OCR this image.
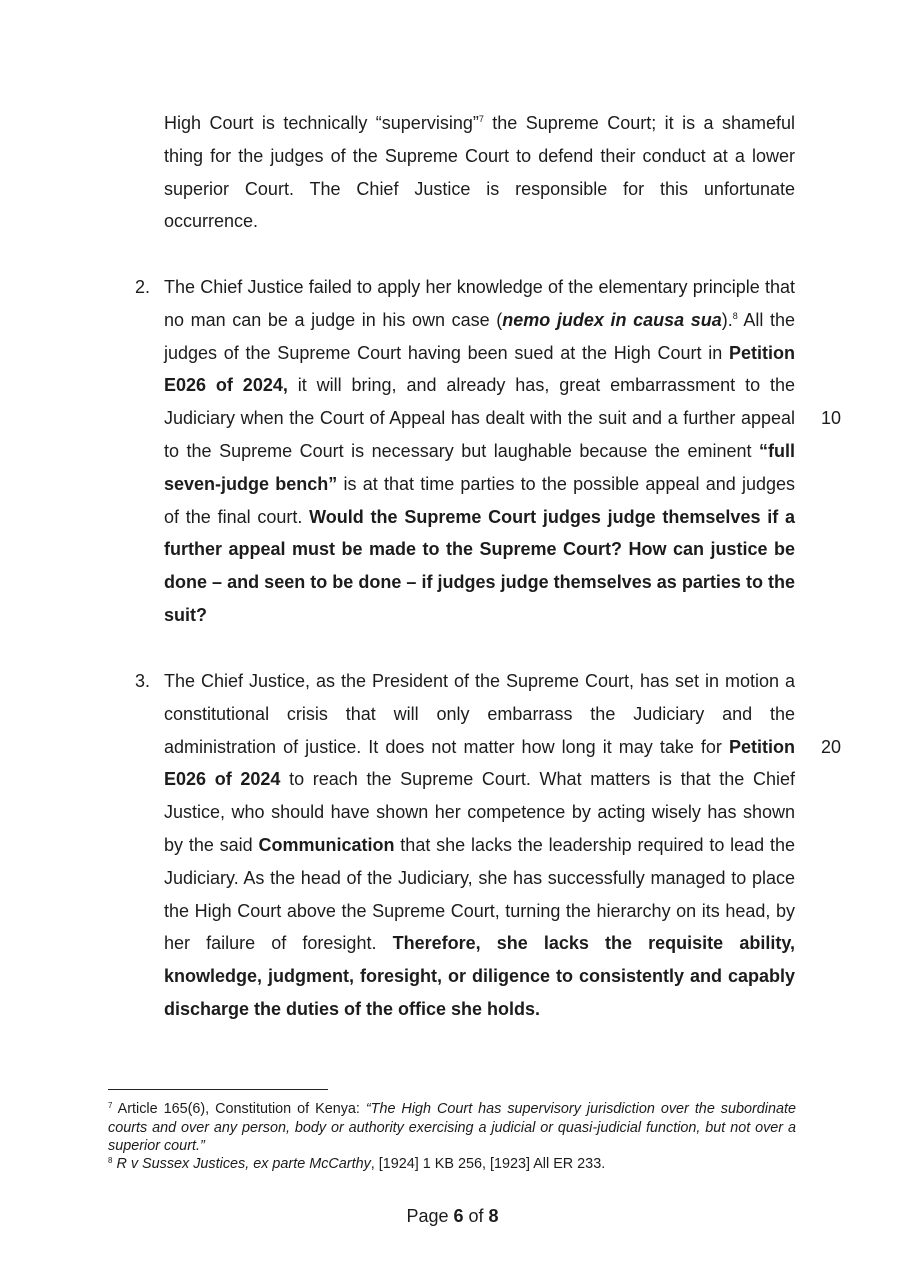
High Court is technically “supervising”$^7$ the Supreme Court; it is a shameful thing for the judges of the Supreme Court to defend their conduct at a lower superior Court. The Chief Justice is responsible for this unfortunate occurrence.

2. The Chief Justice failed to apply her knowledge of the elementary principle that no man can be a judge in his own case (nemo judex in causa sua).$^8$ All the judges of the Supreme Court having been sued at the High Court in Petition E026 of 2024, it will bring, and already has, great embarrassment to the Judiciary when the Court of Appeal has dealt with the suit and a further appeal to the Supreme Court is necessary but laughable because the eminent “full seven-judge bench” is at that time parties to the possible appeal and judges of the final court. Would the Supreme Court judges judge themselves if a further appeal must be made to the Supreme Court? How can justice be done – and seen to be done – if judges judge themselves as parties to the suit?

10
3. The Chief Justice, as the President of the Supreme Court, has set in motion a constitutional crisis that will only embarrass the Judiciary and the administration of justice. It does not matter how long it may take for Petition E026 of 2024 to reach the Supreme Court. What matters is that the Chief Justice, who should have shown her competence by acting wisely has shown by the said Communication that she lacks the leadership required to lead the Judiciary. As the head of the Judiciary, she has successfully managed to place the High Court above the Supreme Court, turning the hierarchy on its head, by her failure of foresight. Therefore, she lacks the requisite ability, knowledge, judgment, foresight, or diligence to consistently and capably discharge the duties of the office she holds.

20

$^7$ Article 165(6), Constitution of Kenya: “The High Court has supervisory jurisdiction over the subordinate courts and over any person, body or authority exercising a judicial or quasi-judicial function, but not over a superior court.”

$^8$ R v Sussex Justices, ex parte McCarthy, [1924] 1 KB 256, [1923] All ER 233.

Page 6 of 8
